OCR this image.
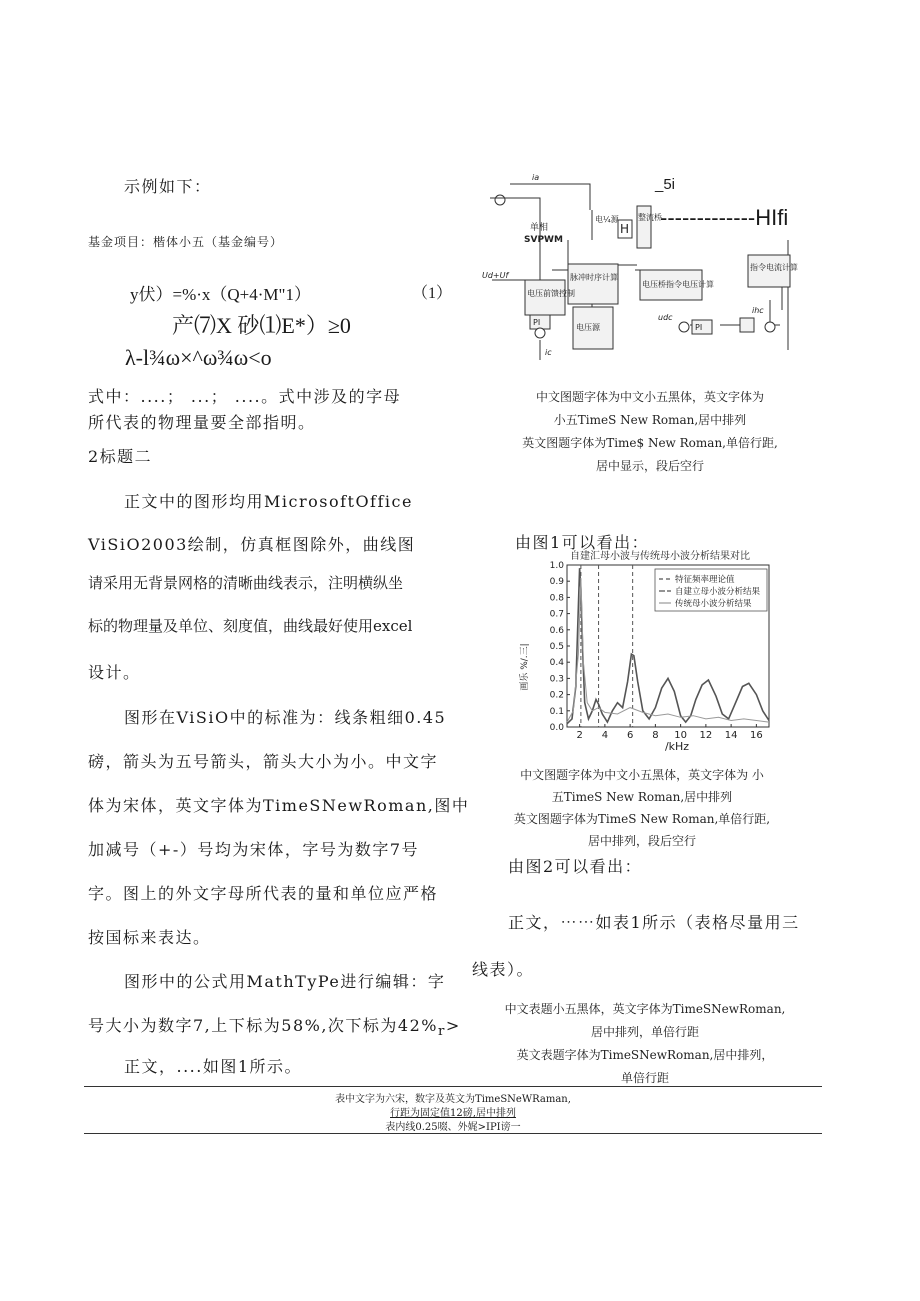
示例如下：
基金项目：楷体小五（基金编号）
y伏）=%·x（Q+4·M"1）	（1）
产⑺X 砂⑴E*）≥0
λ-l¾ω×^ω¾ω<o
式中：....； ...； ....。式中涉及的字母
所代表的物理量要全部指明。
2标题二
正文中的图形均用MicrosoftOffice
ViSiO2003绘制，仿真框图除外，曲线图
请采用无背景网格的清晰曲线表示，注明横纵坐
标的物理量及单位、刻度值，曲线最好使用excel
设计。
图形在ViSiO中的标准为：线条粗细0.45
磅，箭头为五号箭头，箭头大小为小。中文字
体为宋体，英文字体为TimeSNewRoman,图中
加减号（+-）号均为宋体，字号为数字7号
字。图上的外文字母所代表的量和单位应严格
按国标来表达。
图形中的公式用MathTyPe进行编辑：字
号大小为数字7,上下标为58%,次下标为$42\%_r>$
正文，....如图1所示。
单相
SVPWM
电¼源 整流桥
H
电压前馈控制
脉冲时序计算
电压源
电压桥指令电压计算
指令电流计算
PI
PI
Ud+Uf
ia
ic
udc
ihc
_5i
-------------HIfi
中文图题字体为中文小五黑体，英文字体为
小五TimeS New Roman,居中排列
英文图题字体为Time$ New Roman,单倍行距,
居中显示，段后空行
由图1可以看出：
自建汇母小波与传统母小波分析结果对比
画乐 %/.三|
0.0
0.1
0.2
0.3
0.4
0.5
0.6
0.7
0.8
0.9
1.0
2 4 6 8 10 12 14 16
特征频率理论值
自建立母小波分析结果
传统母小波分析结果
/kHz
中文图题字体为中文小五黑体，英文字体为 小
五TimeS New Roman,居中排列
英文图题字体为TimeS New Roman,单倍行距,
居中排列，段后空行
由图2可以看出：
正文，⋯⋯如表1所示（表格尽量用三
线表）。
中文表题小五黑体，英文字体为TimeSNewRoman,
居中排列，单倍行距
英文表题字体为TimeSNewRoman,居中排列，
单倍行距
表中文字为六宋，数字及英文为TimeSNeWRaman,
行距为固定值12磅,居中排列
表内线0.25啜、外娓>IPI谤一
